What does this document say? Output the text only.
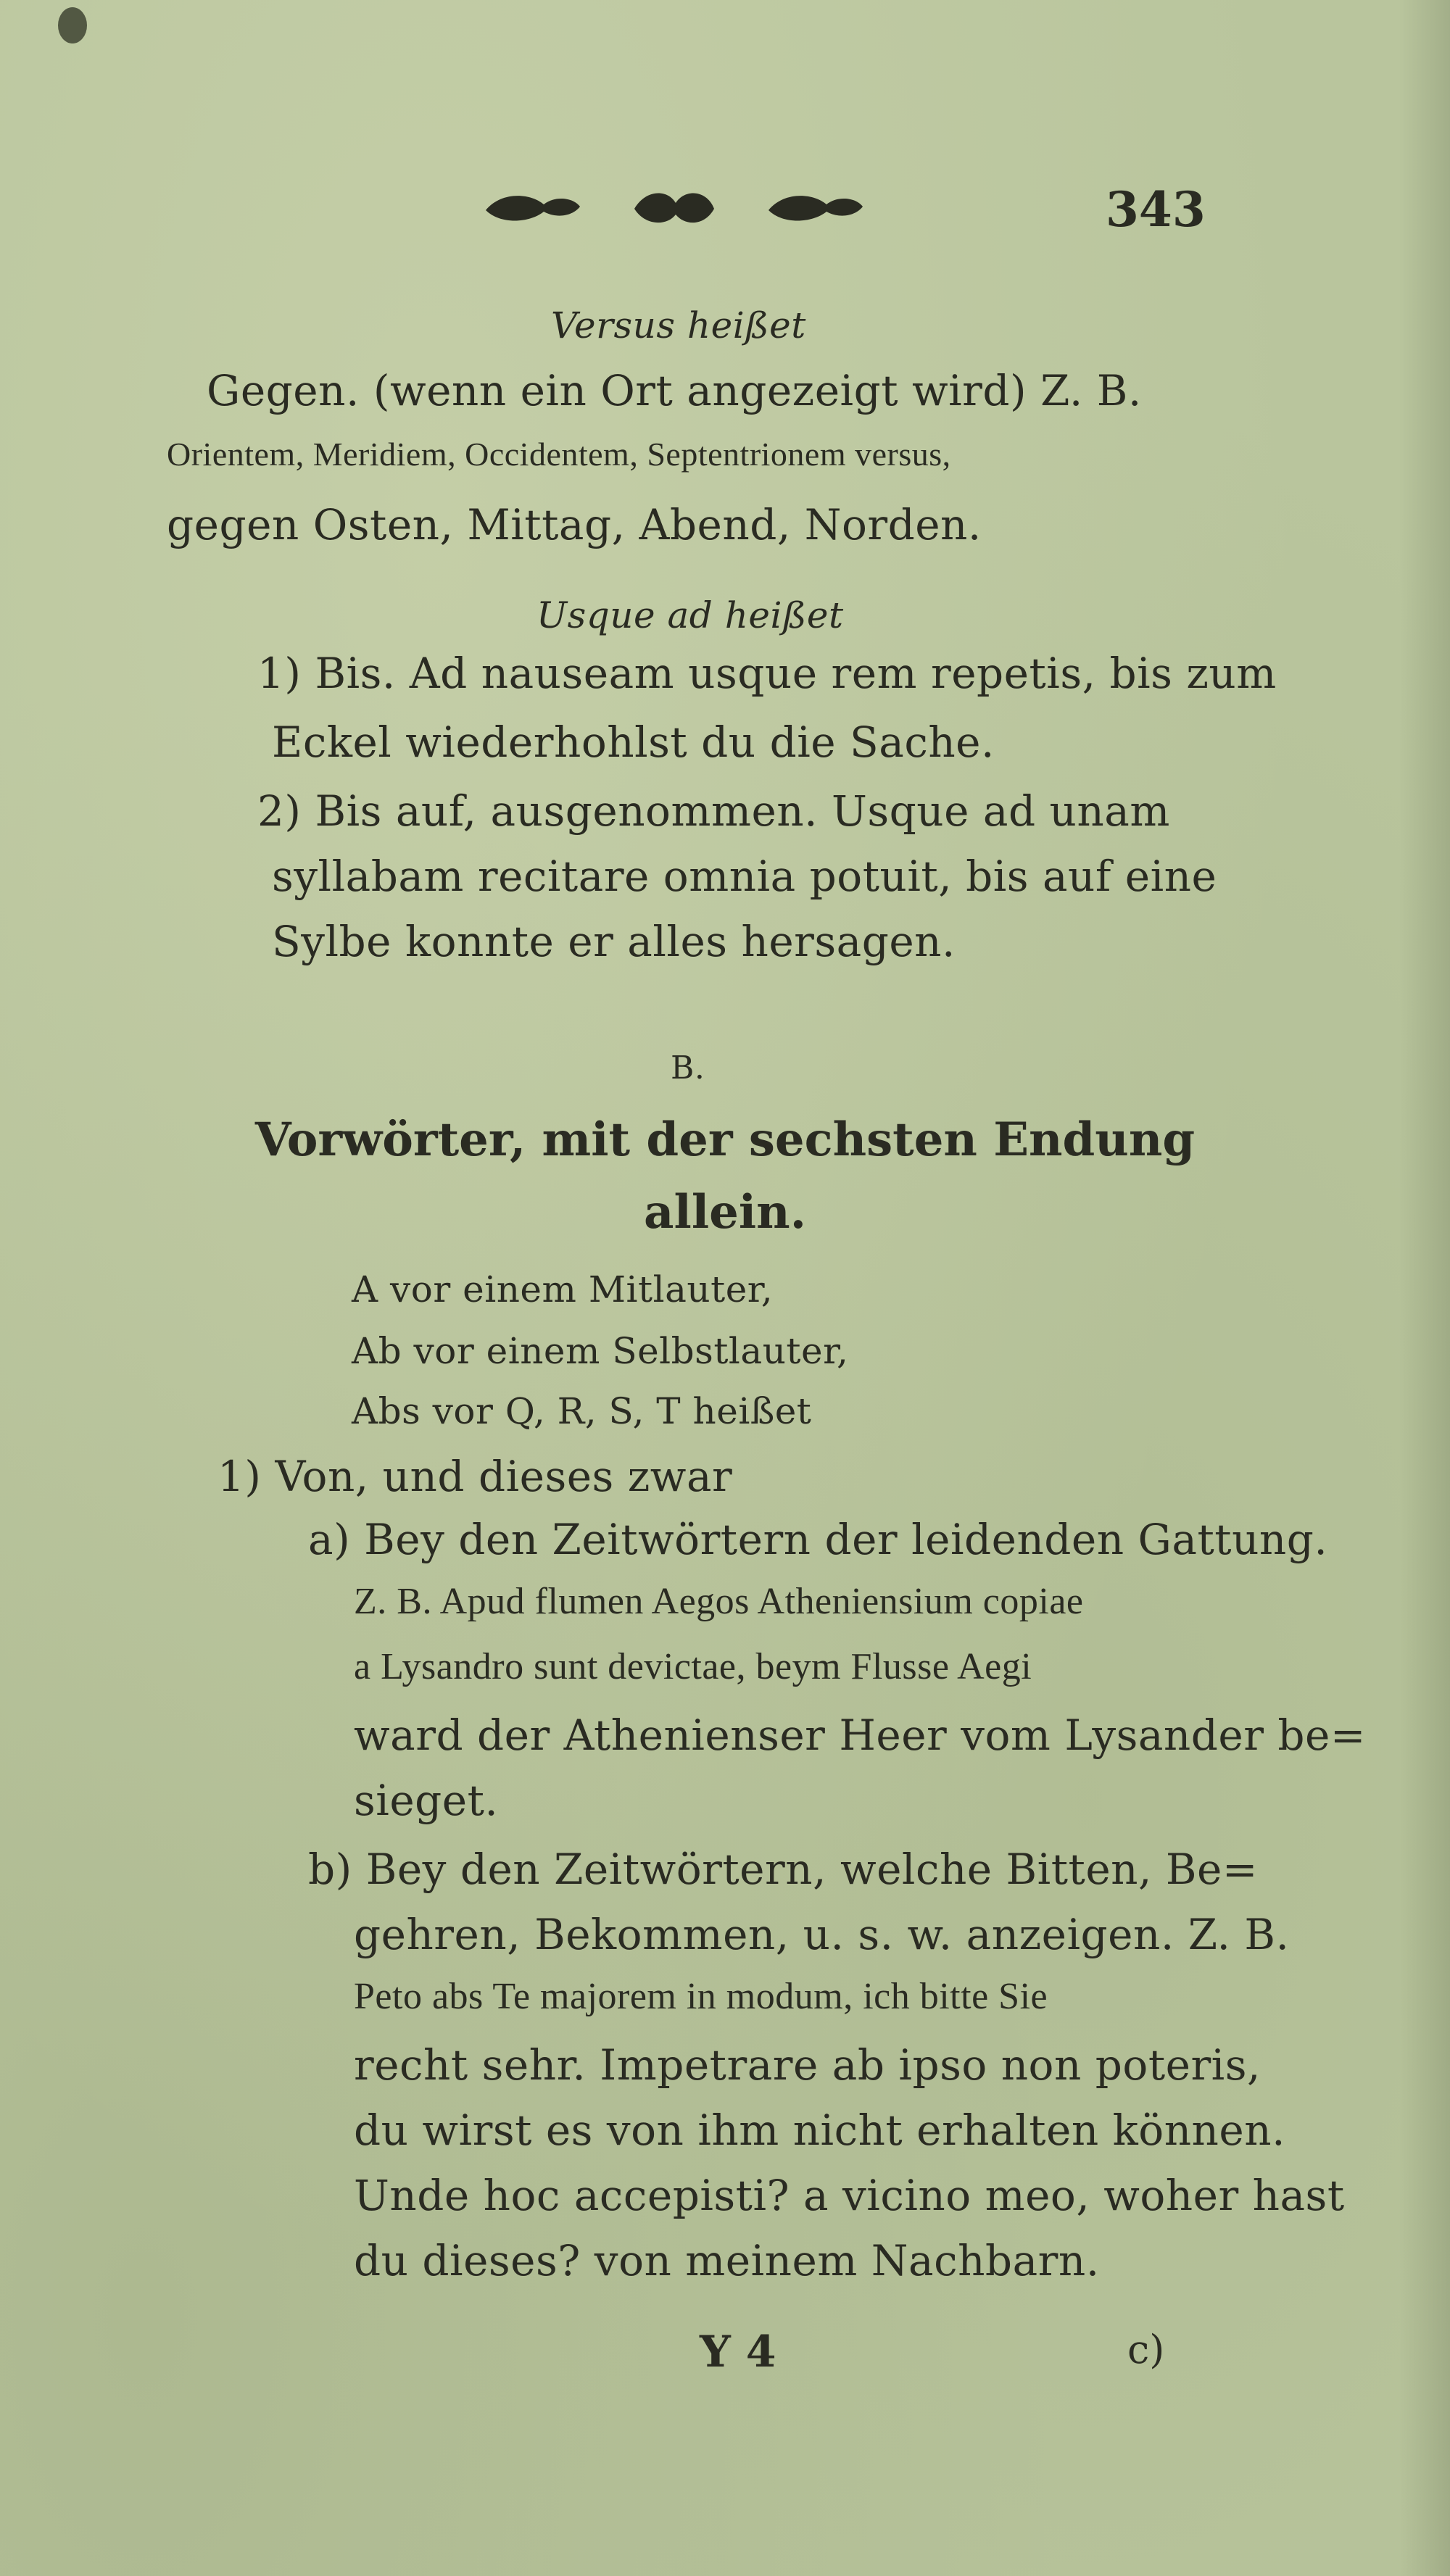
343
Versus heißet
Gegen. (wenn ein Ort angezeigt wird) Z. B.
Orientem, Meridiem, Occidentem, Septentrionem versus,
gegen Osten, Mittag, Abend, Norden.
Usque ad heißet
1) Bis. Ad nauseam usque rem repetis, bis zum
Eckel wiederhohlst du die Sache.
2) Bis auf, ausgenommen. Usque ad unam
syllabam recitare omnia potuit, bis auf eine
Sylbe konnte er alles hersagen.
B.
Vorwörter, mit der sechsten Endung
allein.
A vor einem Mitlauter,
Ab vor einem Selbstlauter,
Abs vor Q, R, S, T heißet
1) Von, und dieses zwar
a) Bey den Zeitwörtern der leidenden Gattung.
Z. B. Apud flumen Aegos Atheniensium copiae
a Lysandro sunt devictae, beym Flusse Aegi
ward der Athenienser Heer vom Lysander be=
sieget.
b) Bey den Zeitwörtern, welche Bitten, Be=
gehren, Bekommen, u. s. w. anzeigen. Z. B.
Peto abs Te majorem in modum, ich bitte Sie
recht sehr. Impetrare ab ipso non poteris,
du wirst es von ihm nicht erhalten können.
Unde hoc accepisti? a vicino meo, woher hast
du dieses? von meinem Nachbarn.
Y 4	c)
